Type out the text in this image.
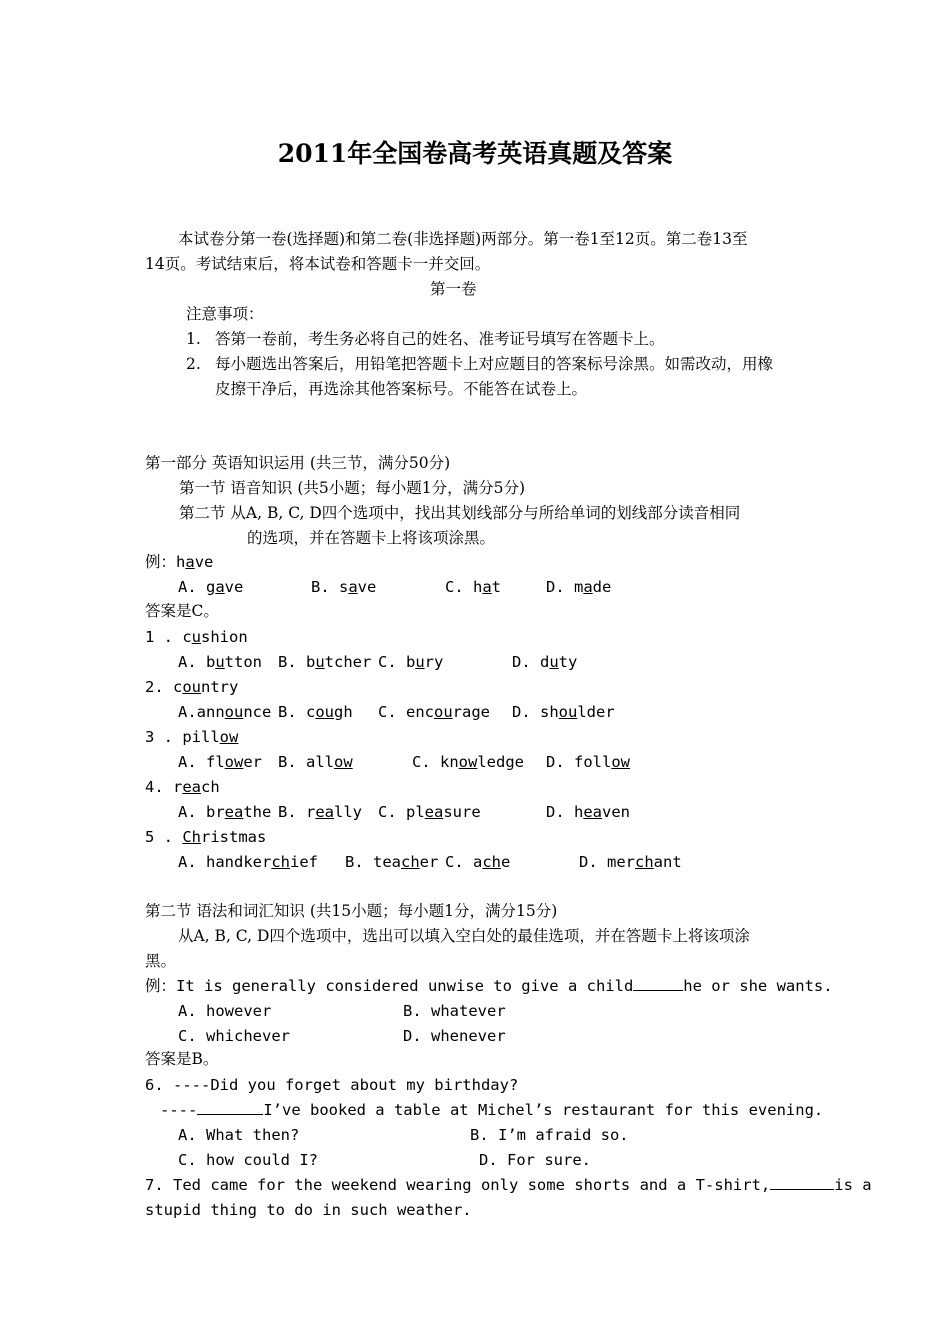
2011年全国卷高考英语真题及答案
本试卷分第一卷(选择题)和第二卷(非选择题)两部分。第一卷1至12页。第二卷13至
14页。考试结束后，将本试卷和答题卡一并交回。
第一卷
注意事项：
1. 答第一卷前，考生务必将自己的姓名、准考证号填写在答题卡上。
2. 每小题选出答案后，用铅笔把答题卡上对应题目的答案标号涂黑。如需改动，用橡
皮擦干净后，再选涂其他答案标号。不能答在试卷上。
第一部分 英语知识运用 (共三节，满分50分)
第一节 语音知识 (共5小题；每小题1分，满分5分)
第二节 从A, B, C, D四个选项中，找出其划线部分与所给单词的划线部分读音相同
的选项，并在答题卡上将该项涂黑。
例：have
A. gave	B. save	C. hat	D. made
答案是C。
1 . cushion
A. button B. butcher C. bury	D. duty
2. country
A.announce B. cough C. encourage D. shoulder
3 . pillow
A. flower B. allow	C. knowledge D. follow
4. reach
A. breathe B. really C. pleasure	D. heaven
5 . Christmas
A. handkerchief B. teacher C. ache	D. merchant
第二节 语法和词汇知识 (共15小题；每小题1分，满分15分)
从A, B, C, D四个选项中，选出可以填入空白处的最佳选项，并在答题卡上将该项涂
黑。
例：It is generally considered unwise to give a child	he or she wants.
A. however	B. whatever
C. whichever	D. whenever
答案是B。
6. ----Did you forget about my birthday?
----	I’ve booked a table at Michel’s restaurant for this evening.
A. What then?	B. I’m afraid so.
C. how could I?	D. For sure.
7. Ted came for the weekend wearing only some shorts and a T-shirt,	is a
stupid thing to do in such weather.
